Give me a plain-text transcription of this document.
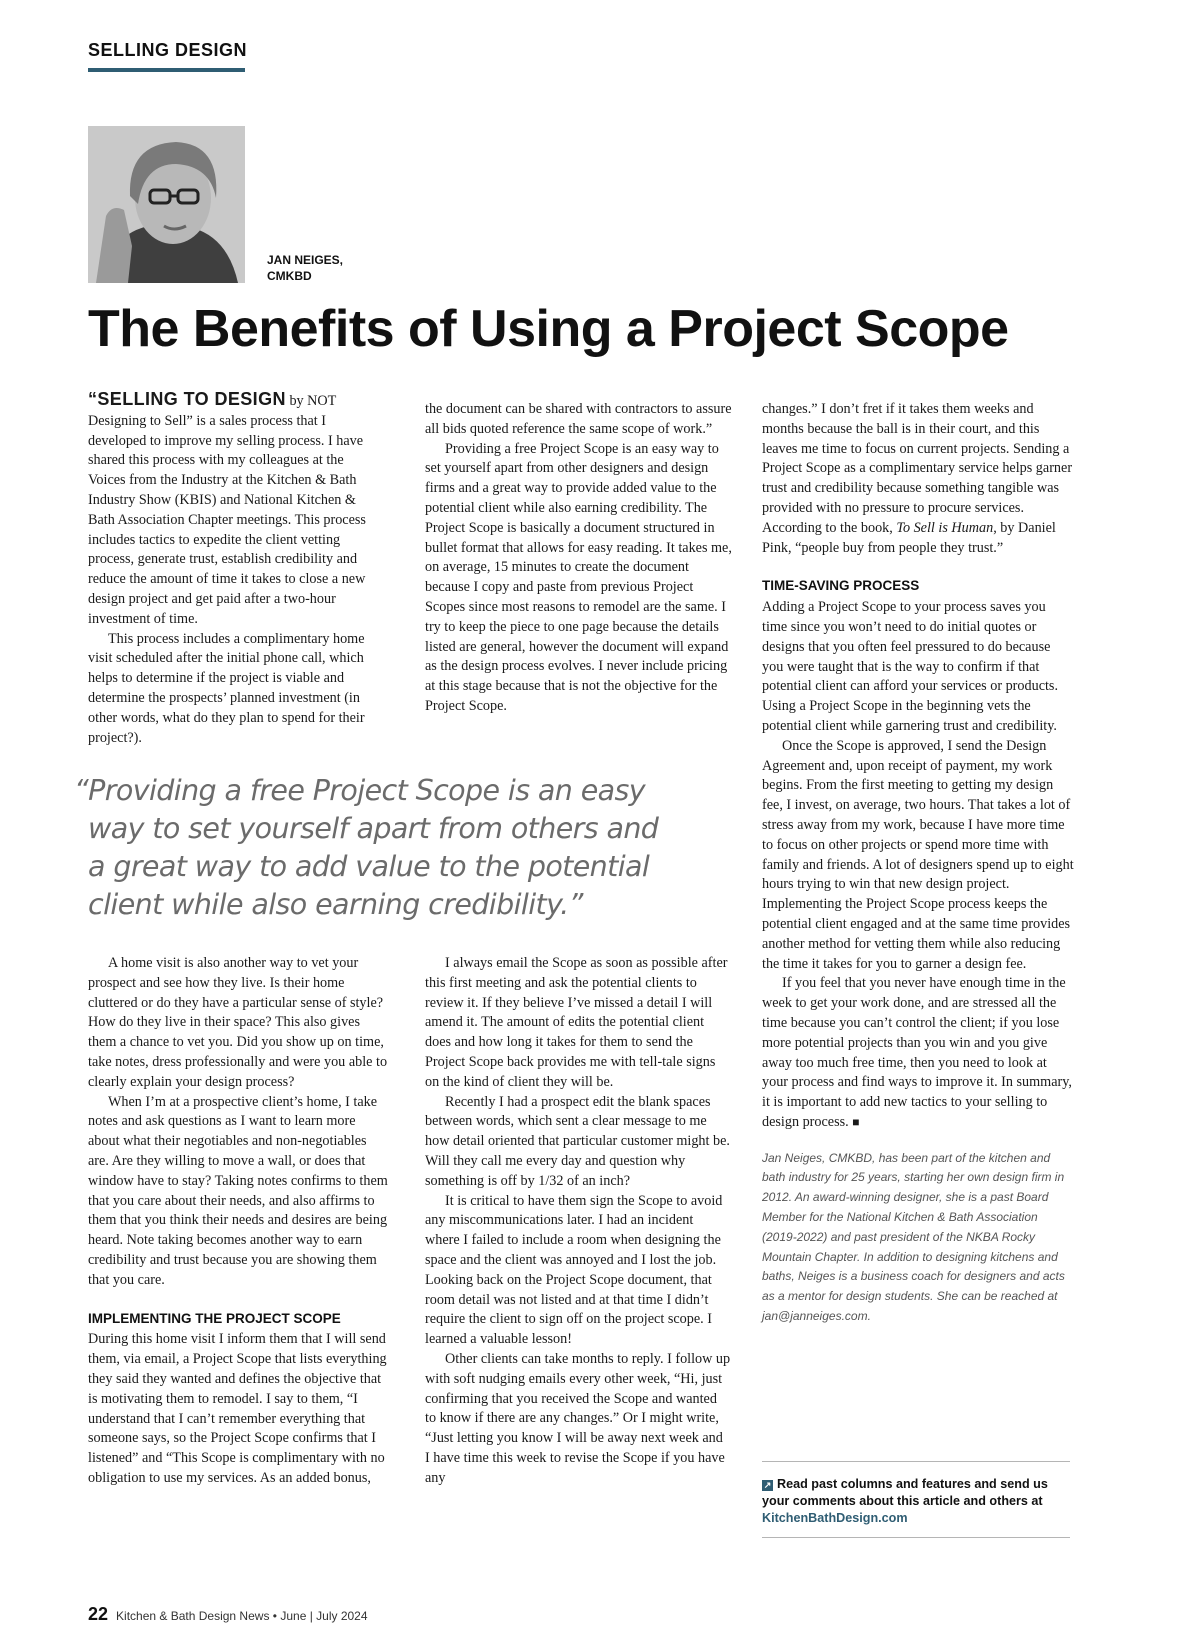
SELLING DESIGN
JAN NEIGES,
CMKBD
The Benefits of Using a Project Scope

“SELLING TO DESIGN by NOT Designing to Sell” is a sales process that I developed to improve my selling process. I have shared this process with my colleagues at the Voices from the Industry at the Kitchen & Bath Industry Show (KBIS) and National Kitchen & Bath Association Chapter meetings. This process includes tactics to expedite the client vetting process, generate trust, establish credibility and reduce the amount of time it takes to close a new design project and get paid after a two-hour investment of time.

This process includes a complimentary home visit scheduled after the initial phone call, which helps to determine if the project is viable and determine the prospects’ planned investment (in other words, what do they plan to spend for their project?).

the document can be shared with contractors to assure all bids quoted reference the same scope of work.”

Providing a free Project Scope is an easy way to set yourself apart from other designers and design firms and a great way to provide added value to the potential client while also earning credibility. The Project Scope is basically a document structured in bullet format that allows for easy reading. It takes me, on average, 15 minutes to create the document because I copy and paste from previous Project Scopes since most reasons to remodel are the same. I try to keep the piece to one page because the details listed are general, however the document will expand as the design process evolves. I never include pricing at this stage because that is not the objective for the Project Scope.

“Providing a free Project Scope is an easy
way to set yourself apart from others and
a great way to add value to the potential
client while also earning credibility.”

A home visit is also another way to vet your prospect and see how they live. Is their home cluttered or do they have a particular sense of style? How do they live in their space? This also gives them a chance to vet you. Did you show up on time, take notes, dress professionally and were you able to clearly explain your design process?

When I’m at a prospective client’s home, I take notes and ask questions as I want to learn more about what their negotiables and non-negotiables are. Are they willing to move a wall, or does that window have to stay? Taking notes confirms to them that you care about their needs, and also affirms to them that you think their needs and desires are being heard. Note taking becomes another way to earn credibility and trust because you are showing them that you care.

IMPLEMENTING THE PROJECT SCOPE

During this home visit I inform them that I will send them, via email, a Project Scope that lists everything they said they wanted and defines the objective that is motivating them to remodel. I say to them, “I understand that I can’t remember everything that someone says, so the Project Scope confirms that I listened” and “This Scope is complimentary with no obligation to use my services. As an added bonus,

I always email the Scope as soon as possible after this first meeting and ask the potential clients to review it. If they believe I’ve missed a detail I will amend it. The amount of edits the potential client does and how long it takes for them to send the Project Scope back provides me with tell-tale signs on the kind of client they will be.

Recently I had a prospect edit the blank spaces between words, which sent a clear message to me how detail oriented that particular customer might be. Will they call me every day and question why something is off by 1/32 of an inch?

It is critical to have them sign the Scope to avoid any miscommunications later. I had an incident where I failed to include a room when designing the space and the client was annoyed and I lost the job. Looking back on the Project Scope document, that room detail was not listed and at that time I didn’t require the client to sign off on the project scope. I learned a valuable lesson!

Other clients can take months to reply. I follow up with soft nudging emails every other week, “Hi, just confirming that you received the Scope and wanted to know if there are any changes.” Or I might write, “Just letting you know I will be away next week and I have time this week to revise the Scope if you have any

changes.” I don’t fret if it takes them weeks and months because the ball is in their court, and this leaves me time to focus on current projects. Sending a Project Scope as a complimentary service helps garner trust and credibility because something tangible was provided with no pressure to procure services. According to the book, To Sell is Human, by Daniel Pink, “people buy from people they trust.”

TIME-SAVING PROCESS

Adding a Project Scope to your process saves you time since you won’t need to do initial quotes or designs that you often feel pressured to do because you were taught that is the way to confirm if that potential client can afford your services or products. Using a Project Scope in the beginning vets the potential client while garnering trust and credibility.

Once the Scope is approved, I send the Design Agreement and, upon receipt of payment, my work begins. From the first meeting to getting my design fee, I invest, on average, two hours. That takes a lot of stress away from my work, because I have more time to focus on other projects or spend more time with family and friends. A lot of designers spend up to eight hours trying to win that new design project. Implementing the Project Scope process keeps the potential client engaged and at the same time provides another method for vetting them while also reducing the time it takes for you to garner a design fee.

If you feel that you never have enough time in the week to get your work done, and are stressed all the time because you can’t control the client; if you lose more potential projects than you win and you give away too much free time, then you need to look at your process and find ways to improve it. In summary, it is important to add new tactics to your selling to design process. ■

Jan Neiges, CMKBD, has been part of the kitchen and bath industry for 25 years, starting her own design firm in 2012. An award-winning designer, she is a past Board Member for the National Kitchen & Bath Association (2019-2022) and past president of the NKBA Rocky Mountain Chapter. In addition to designing kitchens and baths, Neiges is a business coach for designers and acts as a mentor for design students. She can be reached at jan@janneiges.com.
↗ Read past columns and features and send us your comments about this article and others at KitchenBathDesign.com
22 Kitchen & Bath Design News • June | July 2024
